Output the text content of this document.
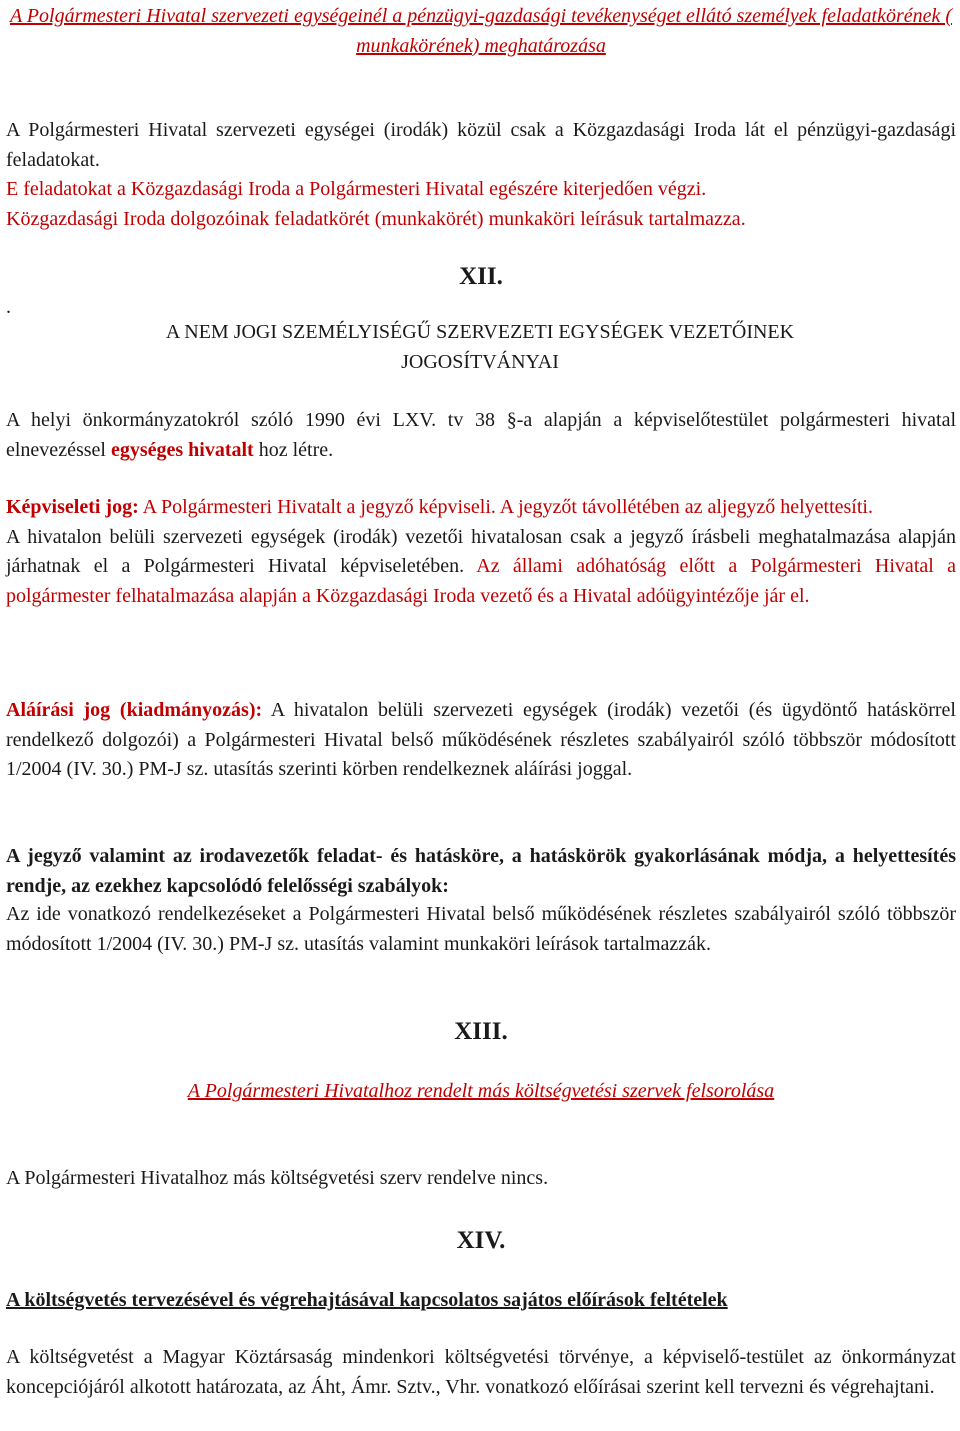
A Polgármesteri Hivatal szervezeti egységeinél a pénzügyi-gazdasági tevékenységet ellátó személyek feladatkörének ( munkakörének) meghatározása

A Polgármesteri Hivatal szervezeti egységei (irodák) közül csak a Közgazdasági Iroda lát el pénzügyi-gazdasági feladatokat.
E feladatokat a Közgazdasági Iroda a Polgármesteri Hivatal egészére kiterjedően végzi.
Közgazdasági Iroda dolgozóinak feladatkörét (munkakörét) munkaköri leírásuk tartalmazza.

.

XII.

A NEM JOGI SZEMÉLYISÉGŰ SZERVEZETI EGYSÉGEK VEZETŐINEK JOGOSÍTVÁNYAI

A helyi önkormányzatokról szóló 1990 évi LXV. tv 38 §-a alapján a képviselőtestület polgármesteri hivatal elnevezéssel egységes hivatalt hoz létre.

Képviseleti jog: A Polgármesteri Hivatalt a jegyző képviseli. A jegyzőt távollétében az aljegyző helyettesíti.
A hivatalon belüli szervezeti egységek (irodák) vezetői hivatalosan csak a jegyző írásbeli meghatalmazása alapján járhatnak el a Polgármesteri Hivatal képviseletében. Az állami adóhatóság előtt a Polgármesteri Hivatal a polgármester felhatalmazása alapján a Közgazdasági Iroda vezető és a Hivatal adóügyintézője jár el.

Aláírási jog (kiadmányozás): A hivatalon belüli szervezeti egységek (irodák) vezetői (és ügydöntő hatáskörrel rendelkező dolgozói) a Polgármesteri Hivatal belső működésének részletes szabályairól szóló többször módosított 1/2004 (IV. 30.) PM-J sz. utasítás szerinti körben rendelkeznek aláírási joggal.

A jegyző valamint az irodavezetők feladat- és hatásköre, a hatáskörök gyakorlásának módja, a helyettesítés rendje, az ezekhez kapcsolódó felelősségi szabályok:

Az ide vonatkozó rendelkezéseket a Polgármesteri Hivatal belső működésének részletes szabályairól szóló többször módosított 1/2004 (IV. 30.) PM-J sz. utasítás valamint munkaköri leírások tartalmazzák.

XIII.

A Polgármesteri Hivatalhoz rendelt más költségvetési szervek felsorolása

A Polgármesteri Hivatalhoz más költségvetési szerv rendelve nincs.

XIV.

A költségvetés tervezésével és végrehajtásával kapcsolatos sajátos előírások feltételek

A költségvetést a Magyar Köztársaság mindenkori költségvetési törvénye, a képviselő-testület az önkormányzat koncepciójáról alkotott határozata, az Áht, Ámr. Sztv., Vhr. vonatkozó előírásai szerint kell tervezni és végrehajtani.
